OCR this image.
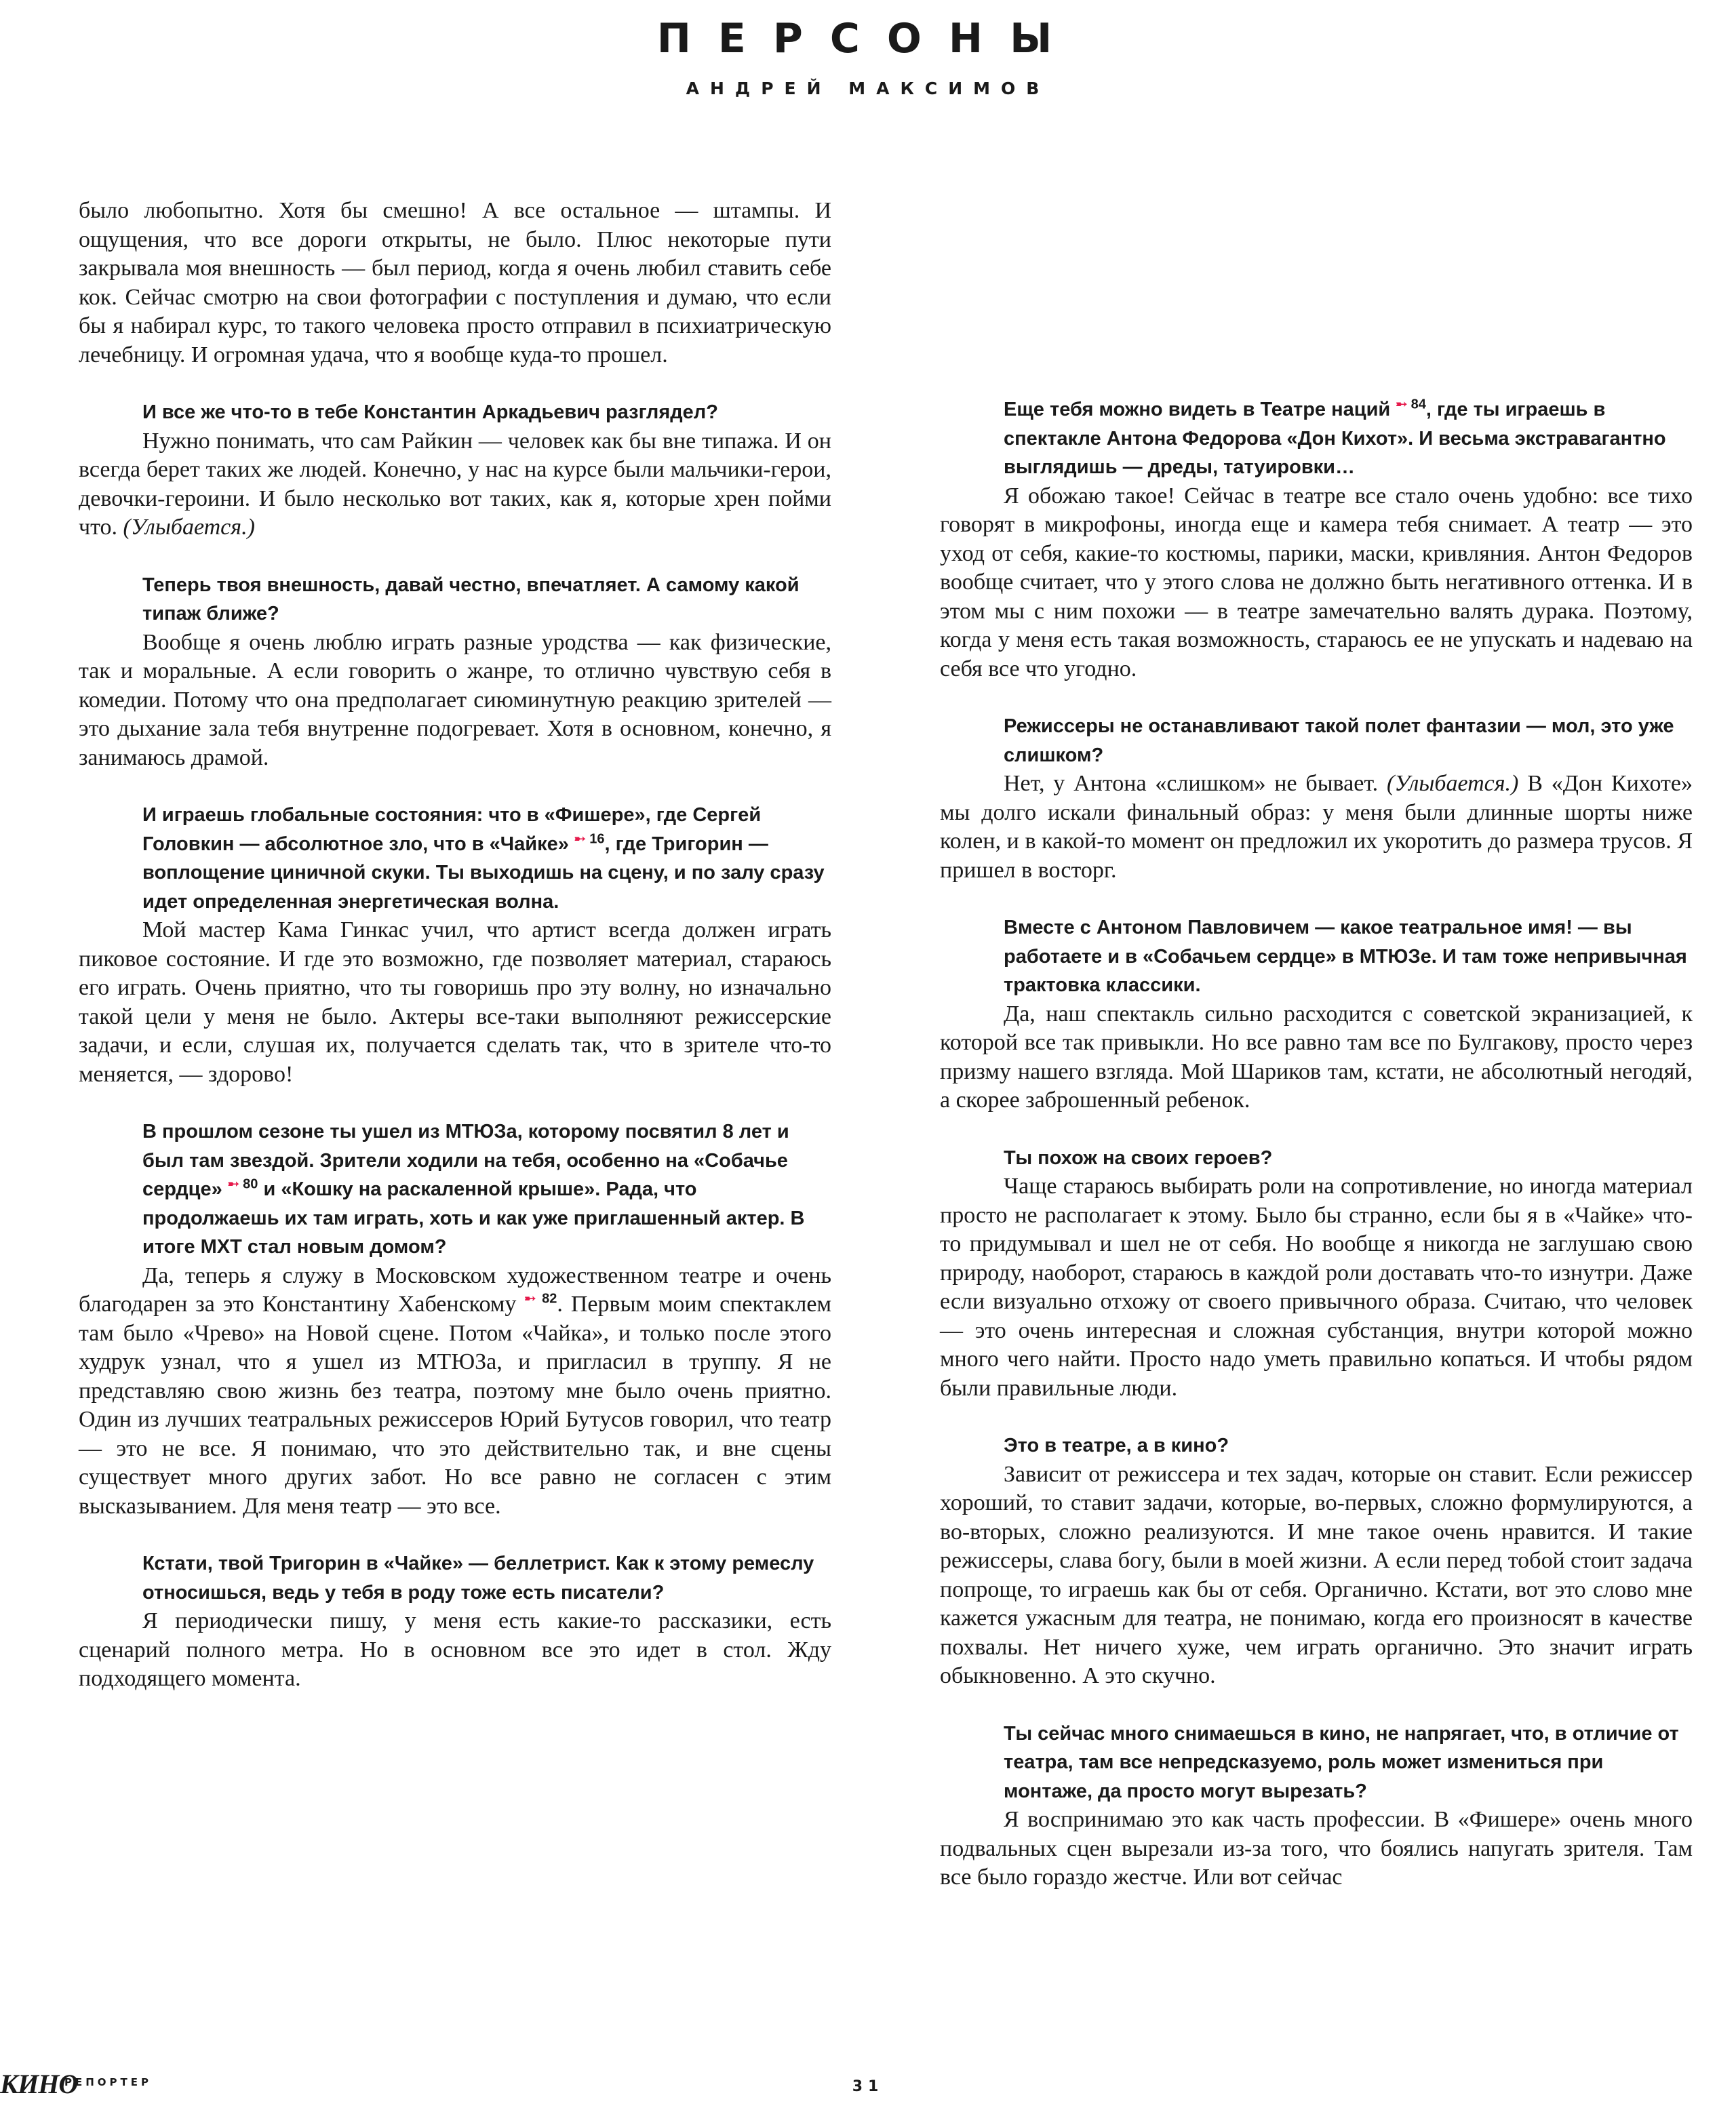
ПЕРСОНЫ
АНДРЕЙ МАКСИМОВ

было любопытно. Хотя бы смешно! А все остальное — штампы. И ощущения, что все дороги открыты, не было. Плюс некоторые пути закрывала моя внешность — был период, когда я очень любил ставить себе кок. Сейчас смотрю на свои фотографии с поступления и думаю, что если бы я набирал курс, то такого человека просто отправил в психиатрическую лечебницу. И огромная удача, что я вообще куда-то прошел.

И все же что-то в тебе Константин Аркадьевич разглядел?

Нужно понимать, что сам Райкин — человек как бы вне типажа. И он всегда берет таких же людей. Конечно, у нас на курсе были мальчики-герои, девочки-героини. И было несколько вот таких, как я, которые хрен пойми что. (Улыбается.)

Теперь твоя внешность, давай честно, впечатляет. А самому какой типаж ближе?

Вообще я очень люблю играть разные уродства — как физические, так и моральные. А если говорить о жанре, то отлично чувствую себя в комедии. Потому что она предполагает сиюминутную реакцию зрителей — это дыхание зала тебя внутренне подогревает. Хотя в основном, конечно, я занимаюсь драмой.

И играешь глобальные состояния: что в «Фишере», где Сергей Головкин — абсолютное зло, что в «Чайке» $^{➸ 16}$, где Тригорин — воплощение циничной скуки. Ты выходишь на сцену, и по залу сразу идет определенная энергетическая волна.

Мой мастер Кама Гинкас учил, что артист всегда должен играть пиковое состояние. И где это возможно, где позволяет материал, стараюсь его играть. Очень приятно, что ты говоришь про эту волну, но изначально такой цели у меня не было. Актеры все-таки выполняют режиссерские задачи, и если, слушая их, получается сделать так, что в зрителе что-то меняется, — здорово!

В прошлом сезоне ты ушел из МТЮЗа, которому посвятил 8 лет и был там звездой. Зрители ходили на тебя, особенно на «Собачье сердце» $^{➸ 80}$ и «Кошку на раскаленной крыше». Рада, что продолжаешь их там играть, хоть и как уже приглашенный актер. В итоге МХТ стал новым домом?

Да, теперь я служу в Московском художественном театре и очень благодарен за это Константину Хабенскому $^{➸ 82}$. Первым моим спектаклем там было «Чрево» на Новой сцене. Потом «Чайка», и только после этого худрук узнал, что я ушел из МТЮЗа, и пригласил в труппу. Я не представляю свою жизнь без театра, поэтому мне было очень приятно. Один из лучших театральных режиссеров Юрий Бутусов говорил, что театр — это не все. Я понимаю, что это действительно так, и вне сцены существует много других забот. Но все равно не согласен с этим высказыванием. Для меня театр — это все.

Кстати, твой Тригорин в «Чайке» — беллетрист. Как к этому ремеслу относишься, ведь у тебя в роду тоже есть писатели?

Я периодически пишу, у меня есть какие-то рассказики, есть сценарий полного метра. Но в основном все это идет в стол. Жду подходящего момента.

Еще тебя можно видеть в Театре наций $^{➸ 84}$, где ты играешь в спектакле Антона Федорова «Дон Кихот». И весьма экстравагантно выглядишь — дреды, татуировки…

Я обожаю такое! Сейчас в театре все стало очень удобно: все тихо говорят в микрофоны, иногда еще и камера тебя снимает. А театр — это уход от себя, какие-то костюмы, парики, маски, кривляния. Антон Федоров вообще считает, что у этого слова не должно быть негативного оттенка. И в этом мы с ним похожи — в театре замечательно валять дурака. Поэтому, когда у меня есть такая возможность, стараюсь ее не упускать и надеваю на себя все что угодно.

Режиссеры не останавливают такой полет фантазии — мол, это уже слишком?

Нет, у Антона «слишком» не бывает. (Улыбается.) В «Дон Кихоте» мы долго искали финальный образ: у меня были длинные шорты ниже колен, и в какой-то момент он предложил их укоротить до размера трусов. Я пришел в восторг.

Вместе с Антоном Павловичем — какое театральное имя! — вы работаете и в «Собачьем сердце» в МТЮЗе. И там тоже непривычная трактовка классики.

Да, наш спектакль сильно расходится с советской экранизацией, к которой все так привыкли. Но все равно там все по Булгакову, просто через призму нашего взгляда. Мой Шариков там, кстати, не абсолютный негодяй, а скорее заброшенный ребенок.

Ты похож на своих героев?

Чаще стараюсь выбирать роли на сопротивление, но иногда материал просто не располагает к этому. Было бы странно, если бы я в «Чайке» что-то придумывал и шел не от себя. Но вообще я никогда не заглушаю свою природу, наоборот, стараюсь в каждой роли доставать что-то изнутри. Даже если визуально отхожу от своего привычного образа. Считаю, что человек — это очень интересная и сложная субстанция, внутри которой можно много чего найти. Просто надо уметь правильно копаться. И чтобы рядом были правильные люди.

Это в театре, а в кино?

Зависит от режиссера и тех задач, которые он ставит. Если режиссер хороший, то ставит задачи, которые, во-первых, сложно формулируются, а во-вторых, сложно реализуются. И мне такое очень нравится. И такие режиссеры, слава богу, были в моей жизни. А если перед тобой стоит задача попроще, то играешь как бы от себя. Органично. Кстати, вот это слово мне кажется ужасным для театра, не понимаю, когда его произносят в качестве похвалы. Нет ничего хуже, чем играть органично. Это значит играть обыкновенно. А это скучно.

Ты сейчас много снимаешься в кино, не напрягает, что, в отличие от театра, там все непредсказуемо, роль может измениться при монтаже, да просто могут вырезать?

Я воспринимаю это как часть профессии. В «Фишере» очень много подвальных сцен вырезали из-за того, что боялись напугать зрителя. Там все было гораздо жестче. Или вот сейчас

КИНО
РЕПОРТЕР	31
